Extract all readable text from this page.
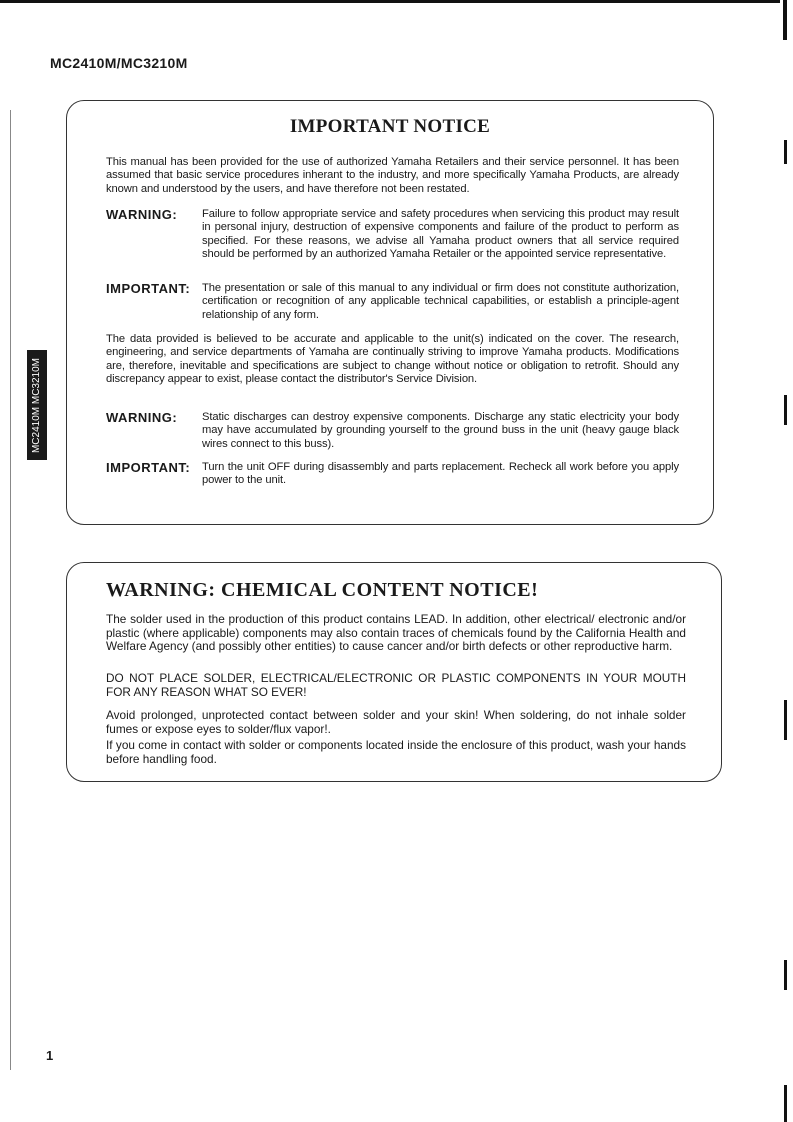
MC2410M/MC3210M
MC2410M MC3210M
IMPORTANT NOTICE

This manual has been provided for the use of authorized Yamaha Retailers and their service personnel. It has been assumed that basic service procedures inherant to the industry, and more specifically Yamaha Products, are already known and understood by the users, and have therefore not been restated.

WARNING: Failure to follow appropriate service and safety procedures when servicing this product may result in personal injury, destruction of expensive components and failure of the product to perform as specified. For these reasons, we advise all Yamaha product owners that all service required should be performed by an authorized Yamaha Retailer or the appointed service representative.

IMPORTANT: The presentation or sale of this manual to any individual or firm does not constitute authorization, certification or recognition of any applicable technical capabilities, or establish a principle-agent relationship of any form.

The data provided is believed to be accurate and applicable to the unit(s) indicated on the cover. The research, engineering, and service departments of Yamaha are continually striving to improve Yamaha products. Modifications are, therefore, inevitable and specifications are subject to change without notice or obligation to retrofit. Should any discrepancy appear to exist, please contact the distributor's Service Division.

WARNING: Static discharges can destroy expensive components. Discharge any static electricity your body may have accumulated by grounding yourself to the ground buss in the unit (heavy gauge black wires connect to this buss).

IMPORTANT: Turn the unit OFF during disassembly and parts replacement. Recheck all work before you apply power to the unit.

WARNING: CHEMICAL CONTENT NOTICE!

The solder used in the production of this product contains LEAD. In addition, other electrical/ electronic and/or plastic (where applicable) components may also contain traces of chemicals found by the California Health and Welfare Agency (and possibly other entities) to cause cancer and/or birth defects or other reproductive harm.

DO NOT PLACE SOLDER, ELECTRICAL/ELECTRONIC OR PLASTIC COMPONENTS IN YOUR MOUTH FOR ANY REASON WHAT SO EVER!

Avoid prolonged, unprotected contact between solder and your skin! When soldering, do not inhale solder fumes or expose eyes to solder/flux vapor!.

If you come in contact with solder or components located inside the enclosure of this product, wash your hands before handling food.

1
